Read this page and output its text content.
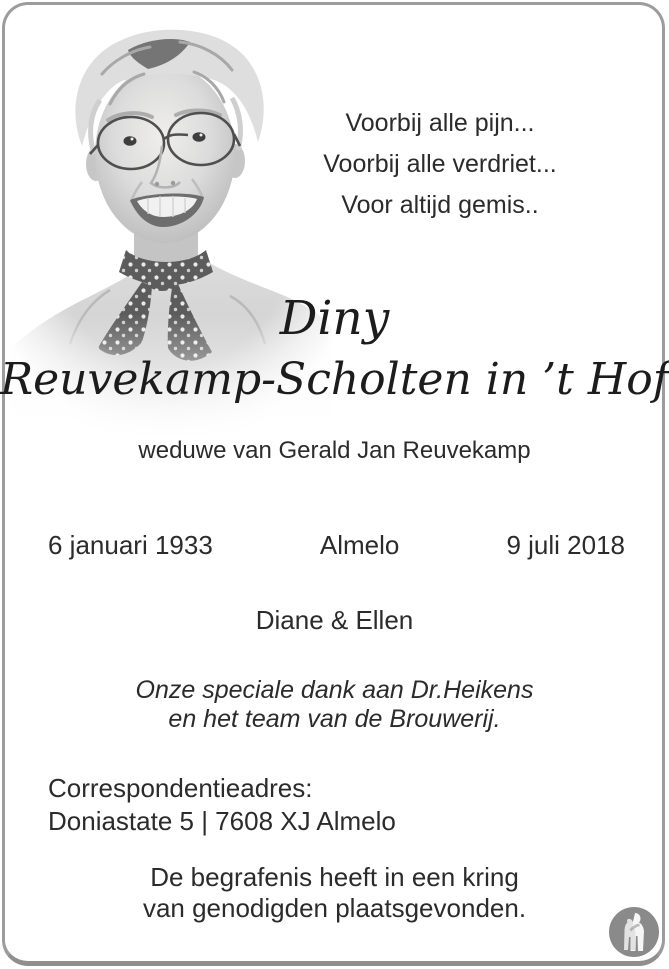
Voorbij alle pijn...
Voorbij alle verdriet...
Voor altijd gemis..
Diny
Reuvekamp-Scholten in ’t Hof
weduwe van Gerald Jan Reuvekamp
6 januari 1933	Almelo	9 juli 2018
Diane & Ellen
Onze speciale dank aan Dr.Heikens
en het team van de Brouwerij.
Correspondentieadres:
Doniastate 5 | 7608 XJ Almelo
De begrafenis heeft in een kring
van genodigden plaatsgevonden.
